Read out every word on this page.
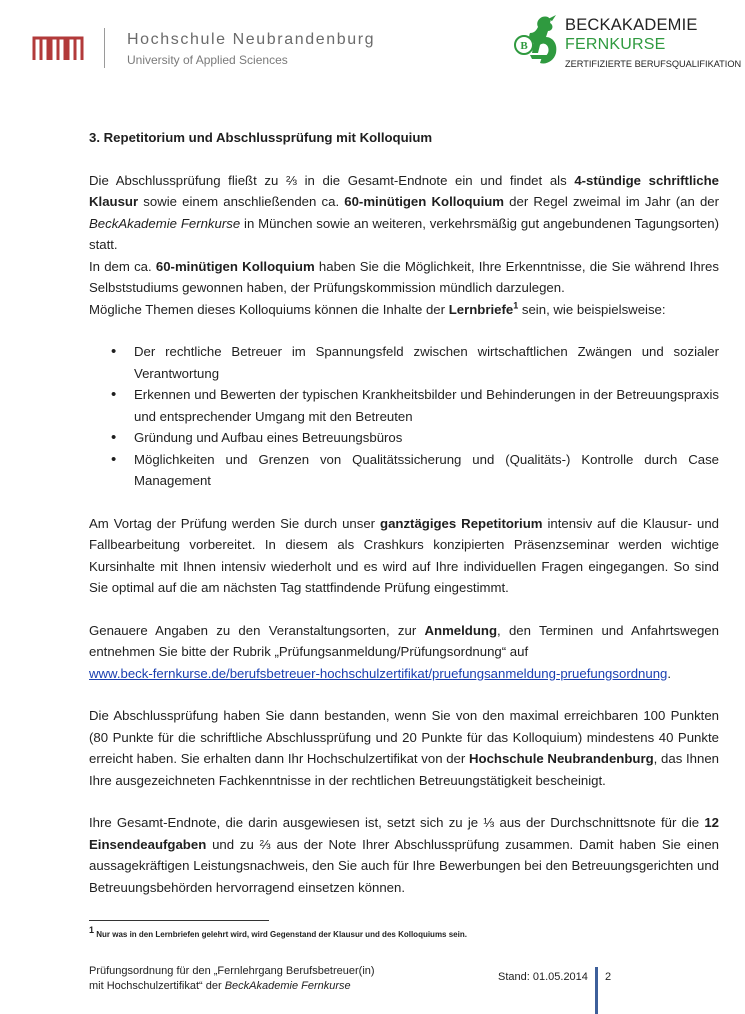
Hochschule Neubrandenburg
University of Applied Sciences
B
BECKAKADEMIE
FERNKURSE
ZERTIFIZIERTE BERUFSQUALIFIKATION

3. Repetitorium und Abschlussprüfung mit Kolloquium

Die Abschlussprüfung fließt zu ⅔ in die Gesamt-Endnote ein und findet als 4-stündige schriftliche Klausur sowie einem anschließenden ca. 60-minütigen Kolloquium der Regel zweimal im Jahr (an der BeckAkademie Fernkurse in München sowie an weiteren, verkehrsmäßig gut angebundenen Tagungsorten) statt.

In dem ca. 60-minütigen Kolloquium haben Sie die Möglichkeit, Ihre Erkenntnisse, die Sie während Ihres Selbststudiums gewonnen haben, der Prüfungskommission mündlich darzulegen.

Mögliche Themen dieses Kolloquiums können die Inhalte der Lernbriefe$^1$ sein, wie beispielsweise:

• Der rechtliche Betreuer im Spannungsfeld zwischen wirtschaftlichen Zwängen und sozialer Verantwortung
• Erkennen und Bewerten der typischen Krankheitsbilder und Behinderungen in der Betreuungspraxis und entsprechender Umgang mit den Betreuten
• Gründung und Aufbau eines Betreuungsbüros
• Möglichkeiten und Grenzen von Qualitätssicherung und (Qualitäts-) Kontrolle durch Case Management

Am Vortag der Prüfung werden Sie durch unser ganztägiges Repetitorium intensiv auf die Klausur- und Fallbearbeitung vorbereitet. In diesem als Crashkurs konzipierten Präsenzseminar werden wichtige Kursinhalte mit Ihnen intensiv wiederholt und es wird auf Ihre individuellen Fragen eingegangen. So sind Sie optimal auf die am nächsten Tag stattfindende Prüfung eingestimmt.

Genauere Angaben zu den Veranstaltungsorten, zur Anmeldung, den Terminen und Anfahrtswegen entnehmen Sie bitte der Rubrik „Prüfungsanmeldung/Prüfungsordnung“ auf
www.beck-fernkurse.de/berufsbetreuer-hochschulzertifikat/pruefungsanmeldung-pruefungsordnung.

Die Abschlussprüfung haben Sie dann bestanden, wenn Sie von den maximal erreichbaren 100 Punkten (80 Punkte für die schriftliche Abschlussprüfung und 20 Punkte für das Kolloquium) mindestens 40 Punkte erreicht haben. Sie erhalten dann Ihr Hochschulzertifikat von der Hochschule Neubrandenburg, das Ihnen Ihre ausgezeichneten Fachkenntnisse in der rechtlichen Betreuungstätigkeit bescheinigt.

Ihre Gesamt-Endnote, die darin ausgewiesen ist, setzt sich zu je ⅓ aus der Durchschnittsnote für die 12 Einsendeaufgaben und zu ⅔ aus der Note Ihrer Abschlussprüfung zusammen. Damit haben Sie einen aussagekräftigen Leistungsnachweis, den Sie auch für Ihre Bewerbungen bei den Betreuungsgerichten und Betreuungsbehörden hervorragend einsetzen können.

$^1$ Nur was in den Lernbriefen gelehrt wird, wird Gegenstand der Klausur und des Kolloquiums sein.
Prüfungsordnung für den „Fernlehrgang Berufsbetreuer(in)
mit Hochschulzertifikat“ der BeckAkademie Fernkurse
Stand: 01.05.2014 2
